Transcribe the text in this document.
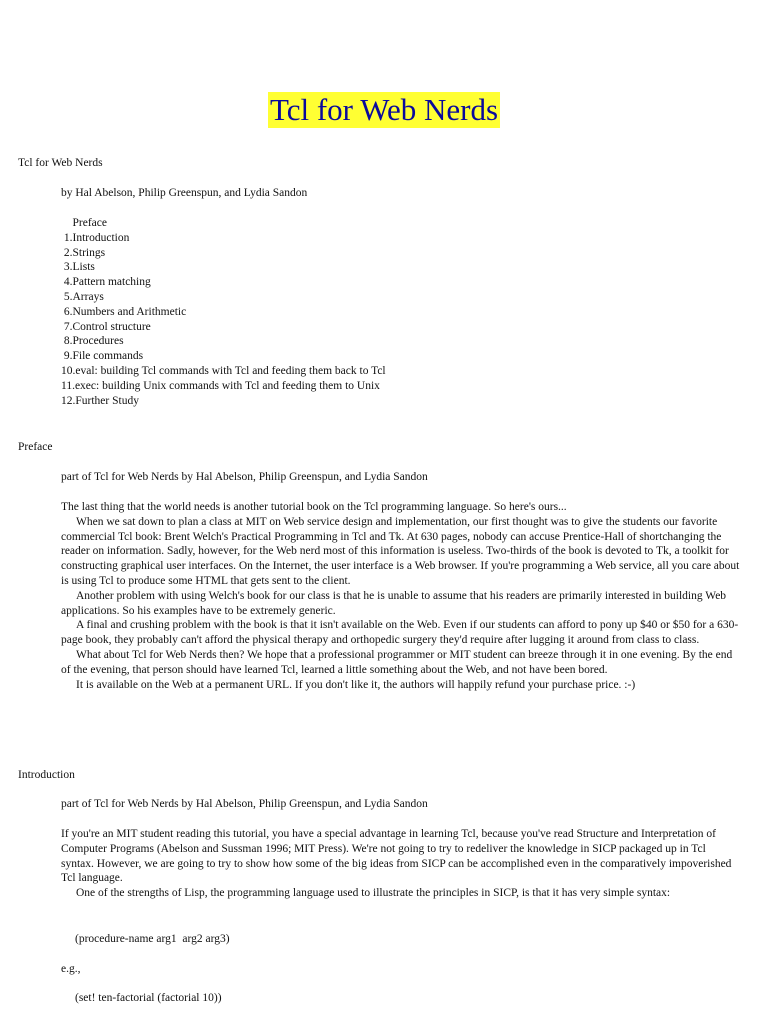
Tcl for Web Nerds
Tcl for Web Nerds
by Hal Abelson, Philip Greenspun, and Lydia Sandon
Preface
1.Introduction
2.Strings
3.Lists
4.Pattern matching
5.Arrays
6.Numbers and Arithmetic
7.Control structure
8.Procedures
9.File commands
10.eval: building Tcl commands with Tcl and feeding them back to Tcl
11.exec: building Unix commands with Tcl and feeding them to Unix
12.Further Study
Preface
part of Tcl for Web Nerds by Hal Abelson, Philip Greenspun, and Lydia Sandon

The last thing that the world needs is another tutorial book on the Tcl programming language. So here's ours...

When we sat down to plan a class at MIT on Web service design and implementation, our first thought was to give the students our favorite commercial Tcl book: Brent Welch's Practical Programming in Tcl and Tk. At 630 pages, nobody can accuse Prentice-Hall of shortchanging the reader on information. Sadly, however, for the Web nerd most of this information is useless. Two-thirds of the book is devoted to Tk, a toolkit for constructing graphical user interfaces. On the Internet, the user interface is a Web browser. If you're programming a Web service, all you care about is using Tcl to produce some HTML that gets sent to the client.

Another problem with using Welch's book for our class is that he is unable to assume that his readers are primarily interested in building Web applications. So his examples have to be extremely generic.

A final and crushing problem with the book is that it isn't available on the Web. Even if our students can afford to pony up $40 or $50 for a 630-page book, they probably can't afford the physical therapy and orthopedic surgery they'd require after lugging it around from class to class.

What about Tcl for Web Nerds then? We hope that a professional programmer or MIT student can breeze through it in one evening. By the end of the evening, that person should have learned Tcl, learned a little something about the Web, and not have been bored.

It is available on the Web at a permanent URL. If you don't like it, the authors will happily refund your purchase price. :-)

Introduction
part of Tcl for Web Nerds by Hal Abelson, Philip Greenspun, and Lydia Sandon

If you're an MIT student reading this tutorial, you have a special advantage in learning Tcl, because you've read Structure and Interpretation of Computer Programs (Abelson and Sussman 1996; MIT Press). We're not going to try to redeliver the knowledge in SICP packaged up in Tcl syntax. However, we are going to try to show how some of the big ideas from SICP can be accomplished even in the comparatively impoverished Tcl language.

One of the strengths of Lisp, the programming language used to illustrate the principles in SICP, is that it has very simple syntax:

(procedure-name arg1  arg2 arg3)
e.g.,
(set! ten-factorial (factorial 10))
